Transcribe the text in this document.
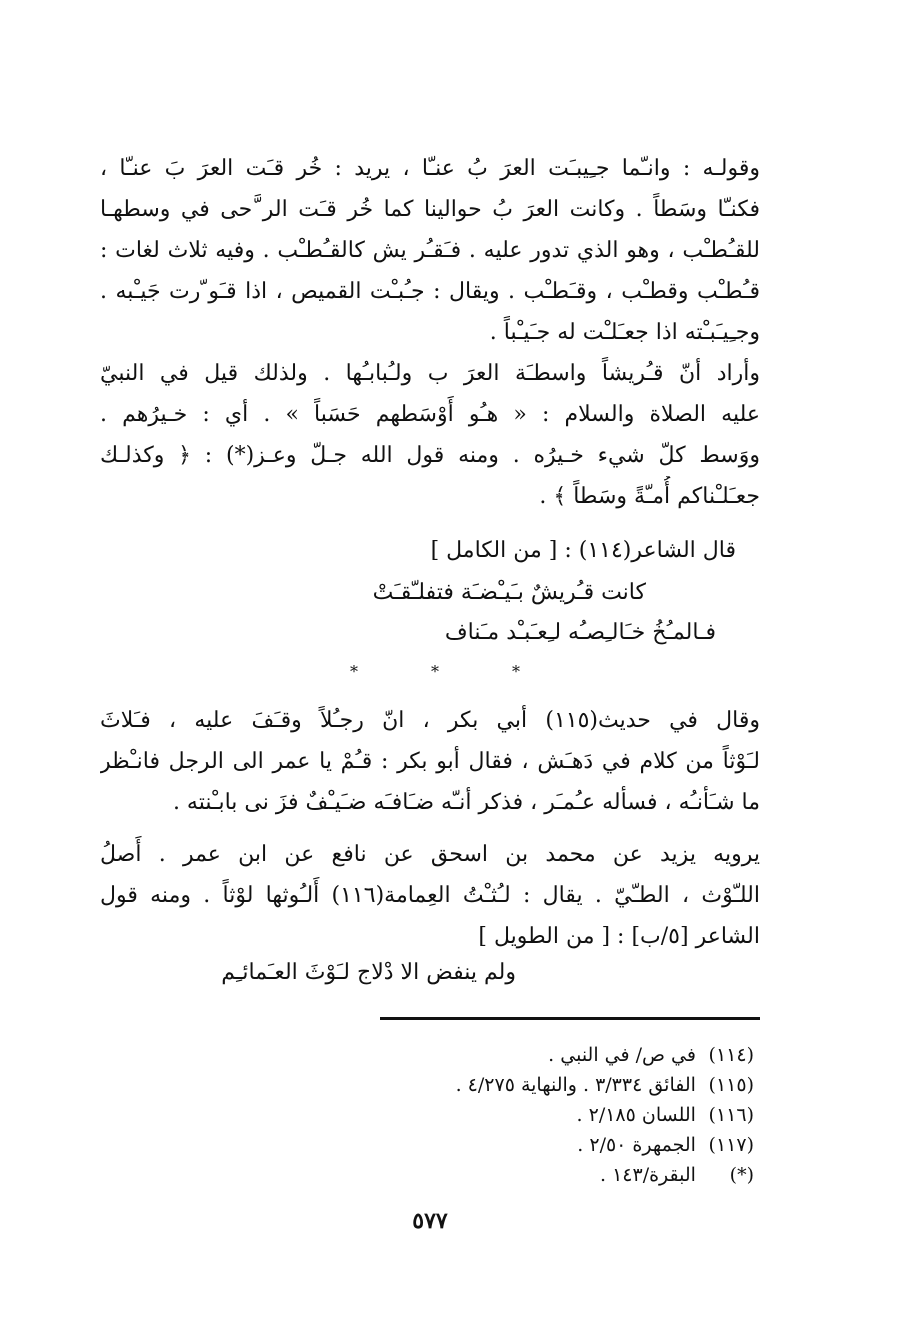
وقولـه : وانـّما جـِيبـَت العرَ بُ عنـّا ، يريد : خُر قـَت العرَ بَ عنـّا ،
فكنـّا وسَطاً . وكانت العرَ بُ حوالينا كما خُر قـَت الر َّحى في وسطهـا
للقـُطـْب ، وهو الذي تدور عليه . فـَقـُر يش كالقـُطـْب . وفيه ثلاث لغات :
قـُطـْب وقطـْب ، وقـَطـْب . ويقال : جـُبـْت القميص ، اذا قـَو ّرت جَيـْبه .
وجـِيـَبـْته اذا جعـَلـْت له جـَيـْباً .
وأراد أنّ قـُريشاً واسطـَة العرَ ب ولـُبابـُها . ولذلك قيل في النبيّ
عليه الصلاة والسلام : « هـُو أَوْسَطهم حَسَباً » . أي : خـيرُهم .
ووَسط كلّ شيء خـيرُه . ومنه قول الله جـلّ وعـز(*) : ﴿ وكذلـك
جعـَلـْناكم أُمـّةً وسَطاً ﴾ .
قال الشاعر(١١٤) : [ من الكامل ]
كانت قـُريشٌ بـَيـْضـَة فتفلـّقـَتْ
فـالمـُخُ خـَالـِصـُه لـِعـَبـْد مـَناف
*	*	*
وقال في حديث(١١٥) أبي بكر ، انّ رجـُلاً وقـَفَ عليه ، فـَلاثَ
لـَوْثاً من كلام في دَهـَش ، فقال أبو بكر : قـُمْ يا عمر الى الرجل فانـْظر
ما شـَأنـُه ، فسأله عـُمـَر ، فذكر أنـّه ضـَافـَه ضـَيـْفٌ فزَ نى بابـْنته .
يرويه يزيد عن محمد بن اسحق عن نافع عن ابن عمر . أَصلُ
اللـّوْث ، الطـّيّ . يقال : لـُثـْتُ العِمامة(١١٦) أَلـُوثها لوْثاً . ومنه قول
الشاعر [٥/ب] : [ من الطويل ]
ولم ينفض الا دْلاج لـَوْثَ العـَمائـِم
(١١٤) في ص/ في النبي .
(١١٥) الفائق ٣/٣٣٤ . والنهاية ٤/٢٧٥ .
(١١٦) اللسان ٢/١٨٥ .
(١١٧) الجمهرة ٢/٥٠ .
(*) البقرة/١٤٣ .
٥٧٧
